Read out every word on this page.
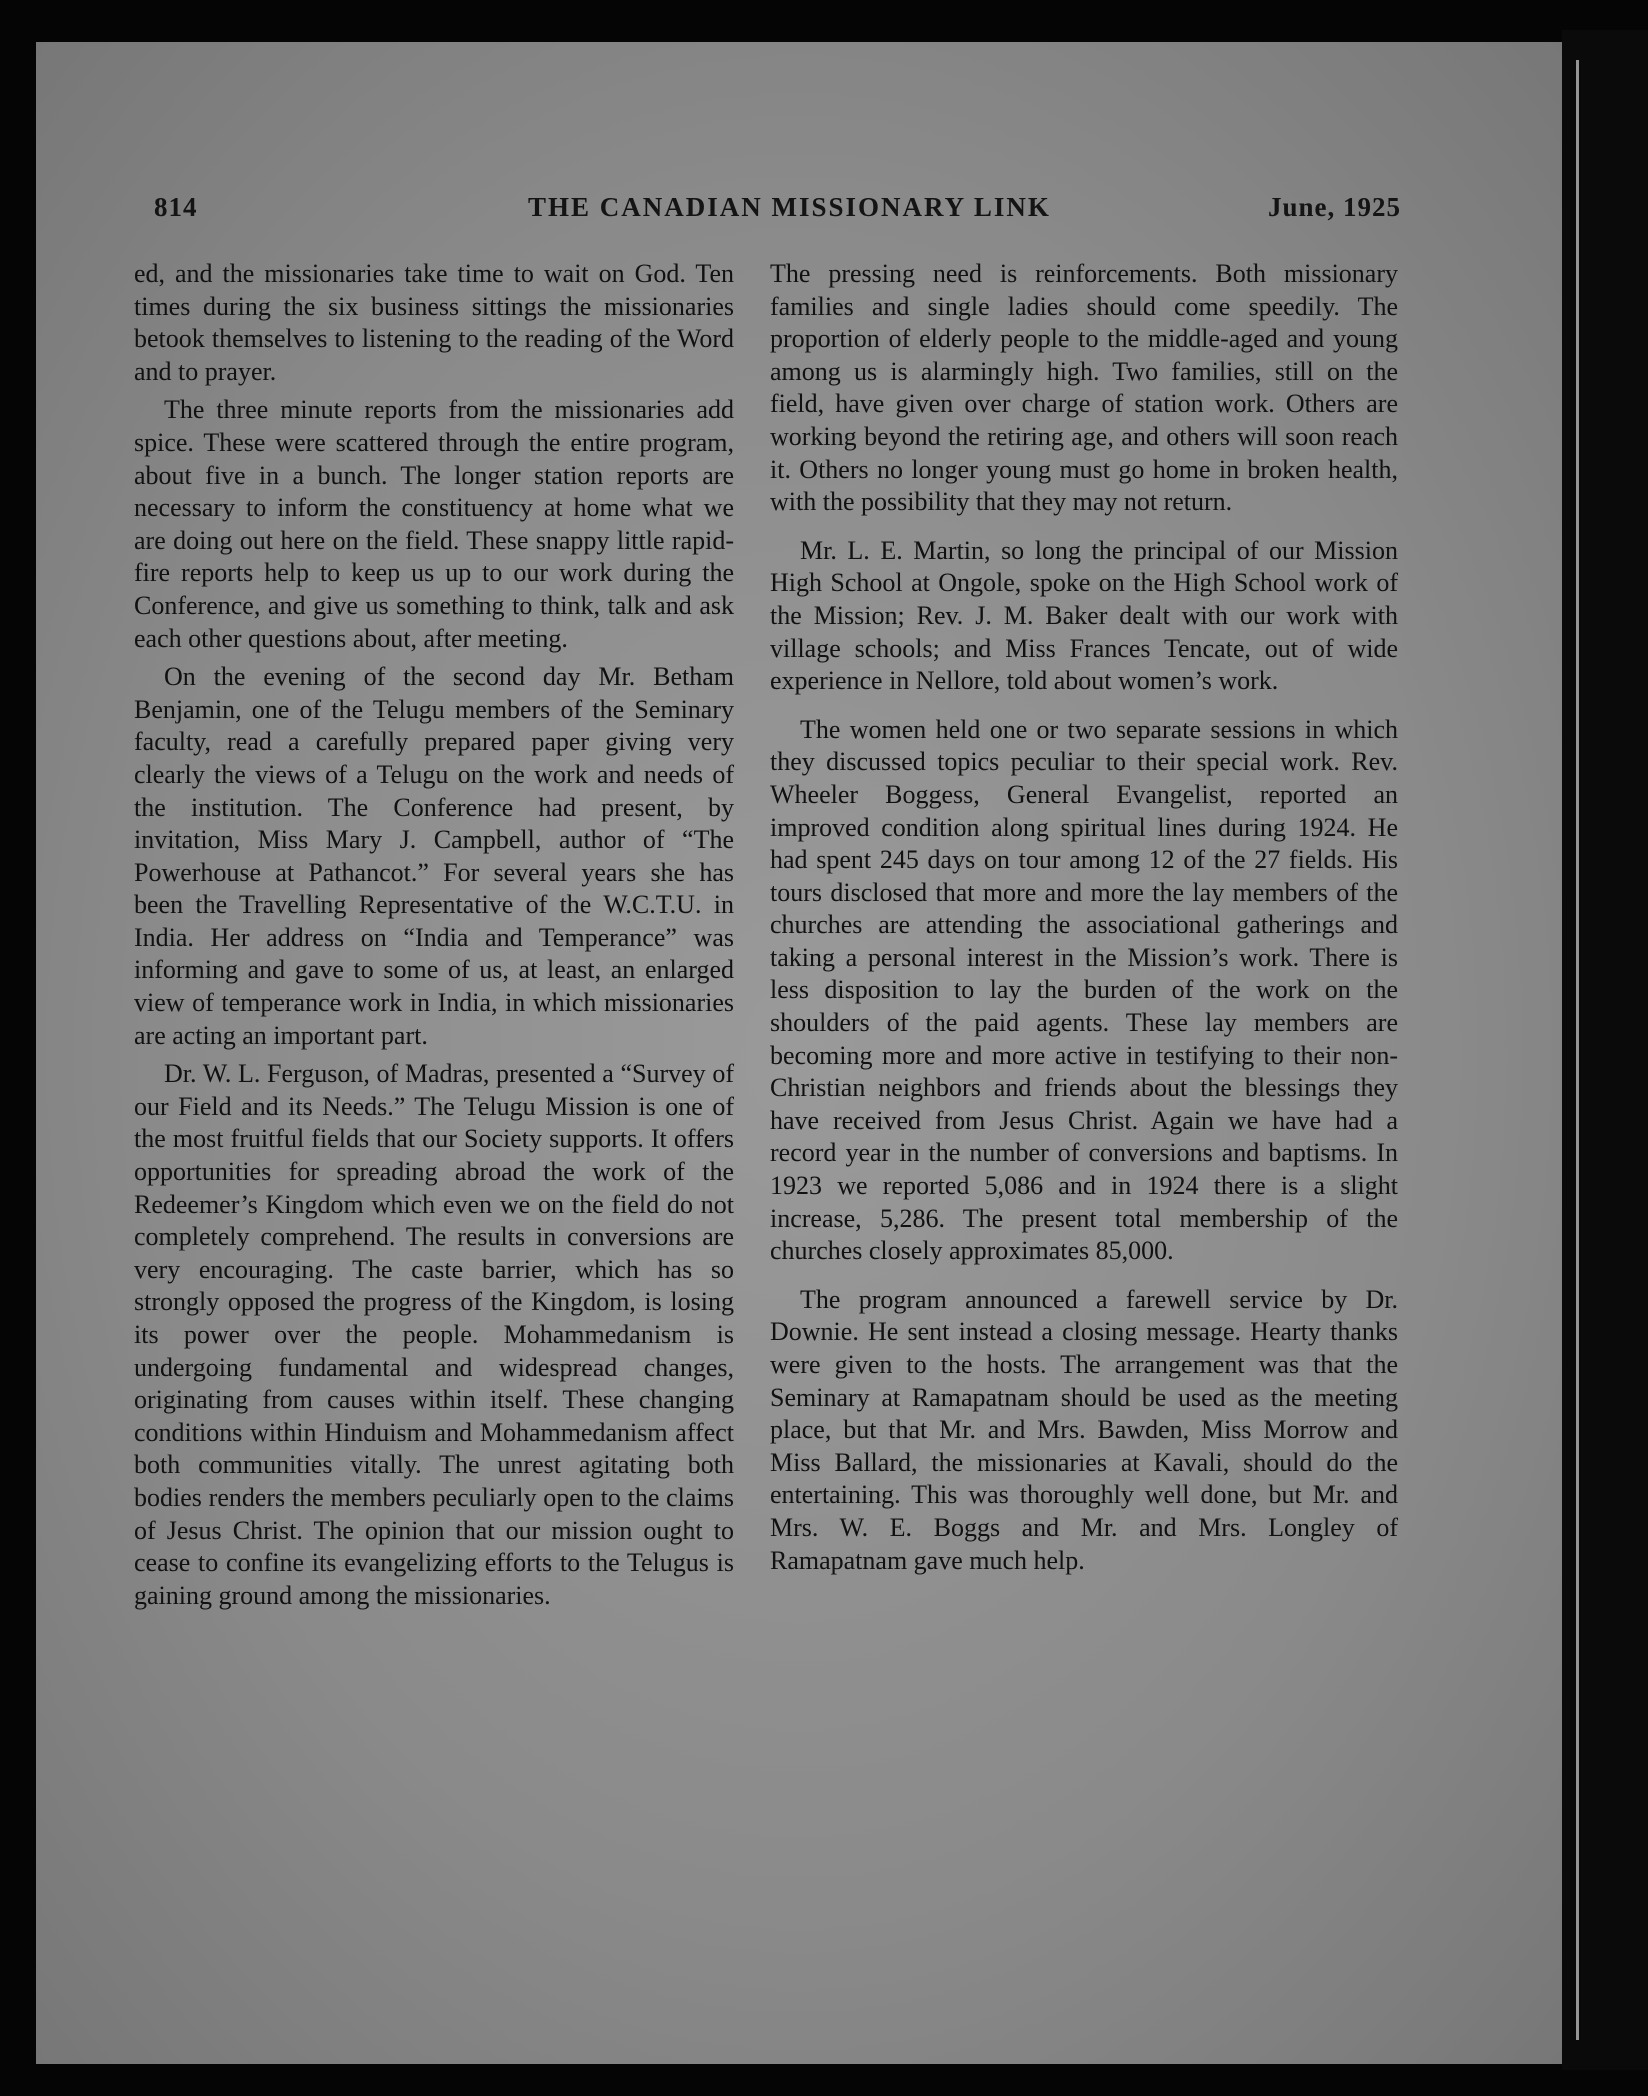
814	THE CANADIAN MISSIONARY LINK	June, 1925

ed, and the missionaries take time to wait on God. Ten times during the six business sittings the missionaries betook themselves to listening to the reading of the Word and to prayer.

The three minute reports from the missionaries add spice. These were scattered through the entire program, about five in a bunch. The longer station reports are necessary to inform the constituency at home what we are doing out here on the field. These snappy little rapid-fire reports help to keep us up to our work during the Conference, and give us something to think, talk and ask each other questions about, after meeting.

On the evening of the second day Mr. Betham Benjamin, one of the Telugu members of the Seminary faculty, read a carefully prepared paper giving very clearly the views of a Telugu on the work and needs of the institution. The Conference had present, by invitation, Miss Mary J. Campbell, author of “The Powerhouse at Pathancot.” For several years she has been the Travelling Representative of the W.C.T.U. in India. Her address on “India and Temperance” was informing and gave to some of us, at least, an enlarged view of temperance work in India, in which missionaries are acting an important part.

Dr. W. L. Ferguson, of Madras, presented a “Survey of our Field and its Needs.” The Telugu Mission is one of the most fruitful fields that our Society supports. It offers opportunities for spreading abroad the work of the Redeemer’s Kingdom which even we on the field do not completely comprehend. The results in conversions are very encouraging. The caste barrier, which has so strongly opposed the progress of the Kingdom, is losing its power over the people. Mohammedanism is undergoing fundamental and widespread changes, originating from causes within itself. These changing conditions within Hinduism and Mohammedanism affect both communities vitally. The unrest agitating both bodies renders the members peculiarly open to the claims of Jesus Christ. The opinion that our mission ought to cease to confine its evangelizing efforts to the Telugus is gaining ground among the missionaries.

The pressing need is reinforcements. Both missionary families and single ladies should come speedily. The proportion of elderly people to the middle-aged and young among us is alarmingly high. Two families, still on the field, have given over charge of station work. Others are working beyond the retiring age, and others will soon reach it. Others no longer young must go home in broken health, with the possibility that they may not return.

Mr. L. E. Martin, so long the principal of our Mission High School at Ongole, spoke on the High School work of the Mission; Rev. J. M. Baker dealt with our work with village schools; and Miss Frances Tencate, out of wide experience in Nellore, told about women’s work.

The women held one or two separate sessions in which they discussed topics peculiar to their special work. Rev. Wheeler Boggess, General Evangelist, reported an improved condition along spiritual lines during 1924. He had spent 245 days on tour among 12 of the 27 fields. His tours disclosed that more and more the lay members of the churches are attending the associational gatherings and taking a personal interest in the Mission’s work. There is less disposition to lay the burden of the work on the shoulders of the paid agents. These lay members are becoming more and more active in testifying to their non-Christian neighbors and friends about the blessings they have received from Jesus Christ. Again we have had a record year in the number of conversions and baptisms. In 1923 we reported 5,086 and in 1924 there is a slight increase, 5,286. The present total membership of the churches closely approximates 85,000.

The program announced a farewell service by Dr. Downie. He sent instead a closing message. Hearty thanks were given to the hosts. The arrangement was that the Seminary at Ramapatnam should be used as the meeting place, but that Mr. and Mrs. Bawden, Miss Morrow and Miss Ballard, the missionaries at Kavali, should do the entertaining. This was thoroughly well done, but Mr. and Mrs. W. E. Boggs and Mr. and Mrs. Longley of Ramapatnam gave much help.
